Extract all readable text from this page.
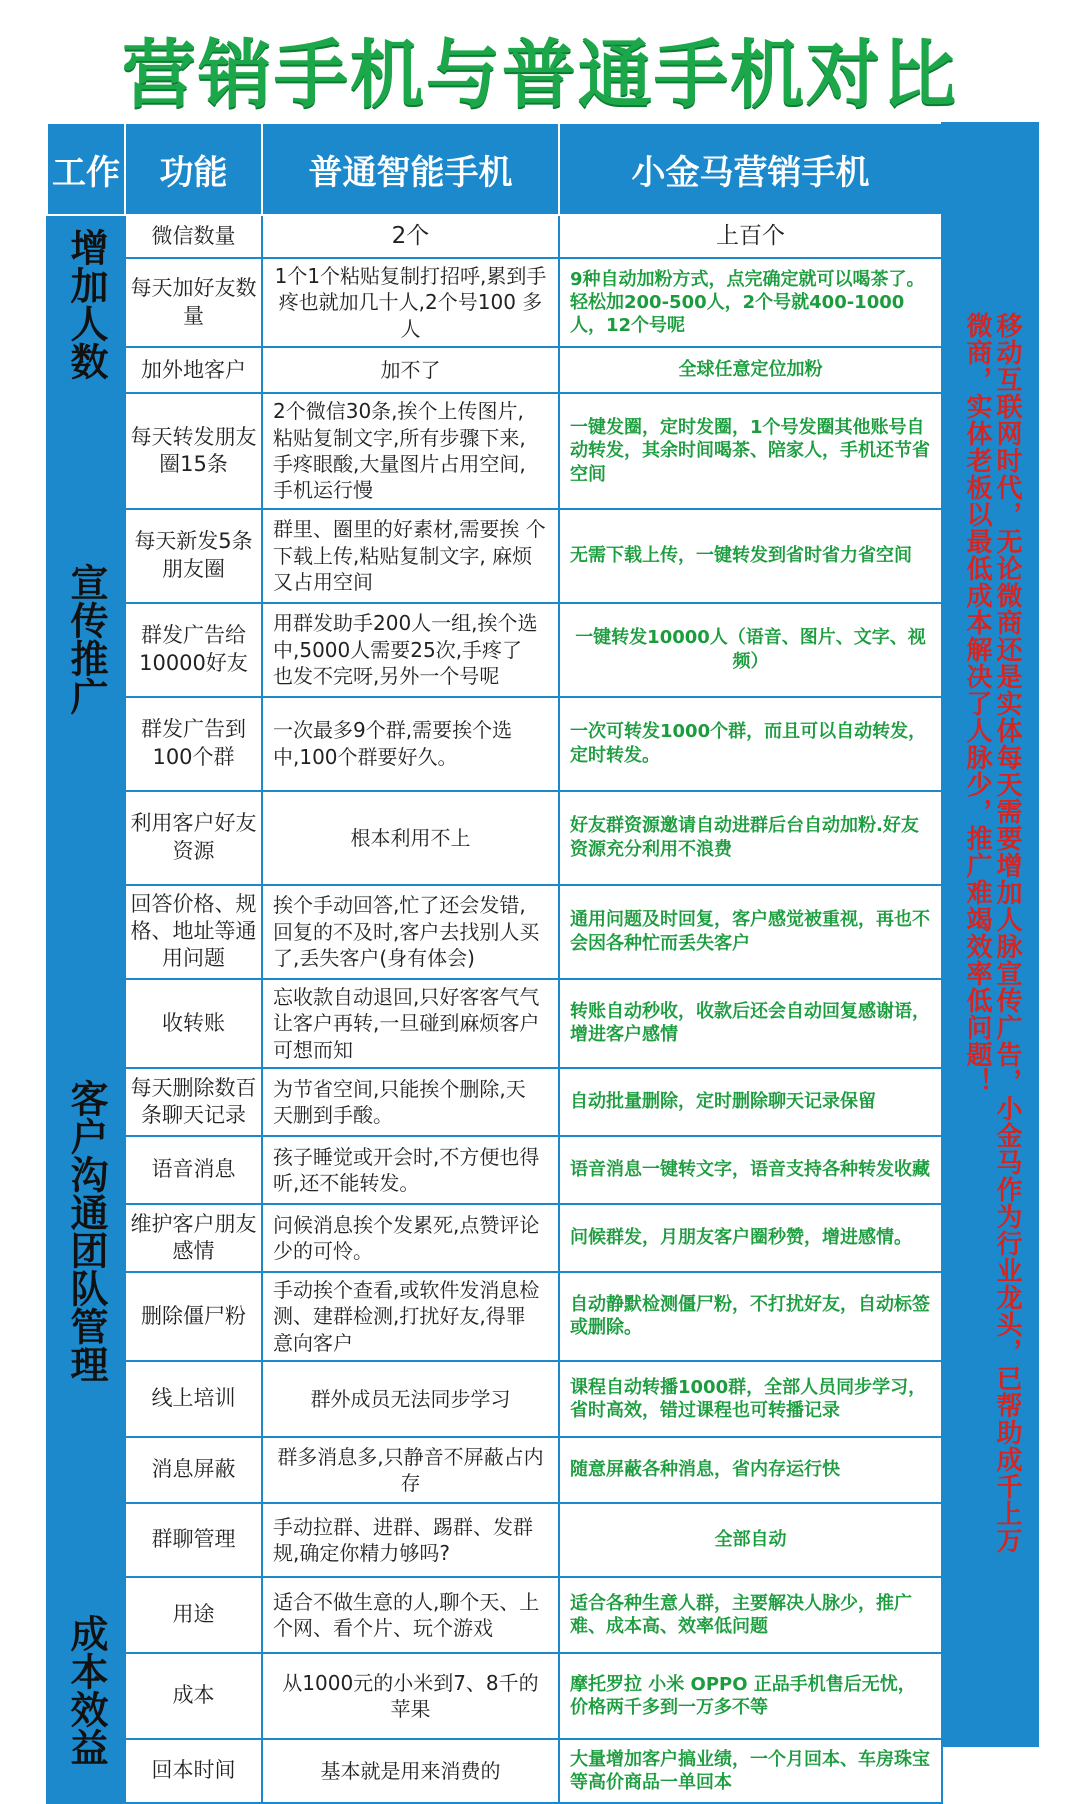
营销手机与普通手机对比
工作	功能	普通智能手机	小金马营销手机
增加人数	微信数量	2个	上百个
	每天加好友数量	1个1个粘贴复制打招呼,累到手疼也就加几十人,2个号100 多人	9种自动加粉方式，点完确定就可以喝茶了。轻松加200-500人，2个号就400-1000人，12个号呢
	加外地客户	加不了	全球任意定位加粉
宣传推广	每天转发朋友圈15条	2个微信30条,挨个上传图片, 粘贴复制文字,所有步骤下来, 手疼眼酸,大量图片占用空间, 手机运行慢	一键发圈，定时发圈，1个号发圈其他账号自动转发，其余时间喝茶、陪家人，手机还节省空间
	每天新发5条朋友圈	群里、圈里的好素材,需要挨 个下载上传,粘贴复制文字, 麻烦又占用空间	无需下载上传，一键转发到省时省力省空间
	群发广告给10000好友	用群发助手200人一组,挨个选 中,5000人需要25次,手疼了 也发不完呀,另外一个号呢	一键转发10000人（语音、图片、文字、视频）
	群发广告到100个群	一次最多9个群,需要挨个选中,100个群要好久。	一次可转发1000个群，而且可以自动转发，定时转发。
	利用客户好友资源	根本利用不上	好友群资源邀请自动进群后台自动加粉.好友资源充分利用不浪费
客户沟通团队管理	回答价格、规格、地址等通用问题	挨个手动回答,忙了还会发错, 回复的不及时,客户去找别人买 了,丢失客户(身有体会)	通用问题及时回复，客户感觉被重视，再也不会因各种忙而丢失客户
	收转账	忘收款自动退回,只好客客气气 让客户再转,一旦碰到麻烦客户 可想而知	转账自动秒收，收款后还会自动回复感谢语，增进客户感情
	每天删除数百条聊天记录	为节省空间,只能挨个删除,天 天删到手酸。	自动批量删除，定时删除聊天记录保留
	语音消息	孩子睡觉或开会时,不方便也得听,还不能转发。	语音消息一键转文字，语音支持各种转发收藏
	维护客户朋友感情	问候消息挨个发累死,点赞评论 少的可怜。	问候群发，月朋友客户圈秒赞，增进感情。
	删除僵尸粉	手动挨个查看,或软件发消息检 测、建群检测,打扰好友,得罪 意向客户	自动静默检测僵尸粉，不打扰好友，自动标签或删除。
	线上培训	群外成员无法同步学习	课程自动转播1000群，全部人员同步学习，省时高效，错过课程也可转播记录
	消息屏蔽	群多消息多,只静音不屏蔽占内存	随意屏蔽各种消息，省内存运行快
	群聊管理	手动拉群、进群、踢群、发群规,确定你精力够吗?	全部自动
成本效益	用途	适合不做生意的人,聊个天、上个网、看个片、玩个游戏	适合各种生意人群，主要解决人脉少，推广难、成本高、效率低问题
	成本	从1000元的小米到7、8千的苹果	摩托罗拉 小米 OPPO 正品手机售后无忧，价格两千多到一万多不等
	回本时间	基本就是用来消费的	大量增加客户搞业绩，一个月回本、车房珠宝等高价商品一单回本
移动互联网时代，无论微商还是实体每天需要增加人脉宣传广告，小金马作为行业龙头，已帮助成千上万微商，实体老板以最低成本解决了人脉少，推广难竭效率低问题！
